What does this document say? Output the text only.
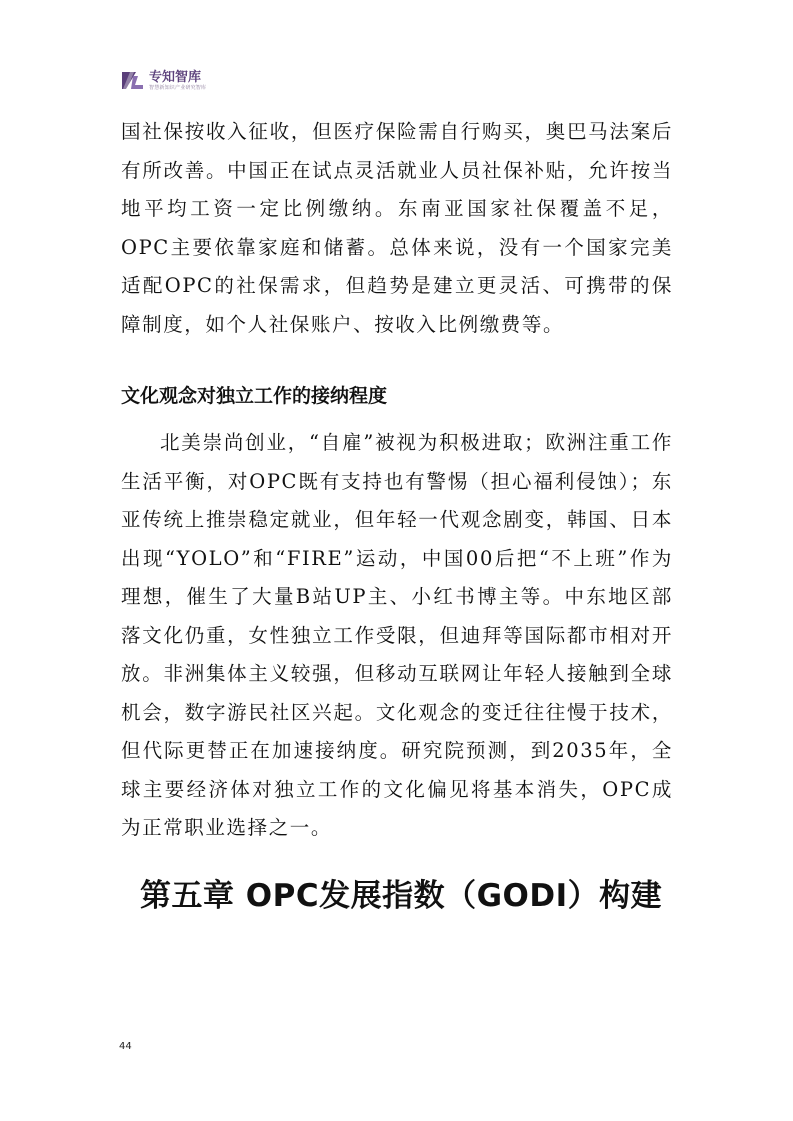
专知智库
智慧新知识产业研究智库

国社保按收入征收，但医疗保险需自行购买，奥巴马法案后有所改善。中国正在试点灵活就业人员社保补贴，允许按当地平均工资一定比例缴纳。东南亚国家社保覆盖不足，OPC主要依靠家庭和储蓄。总体来说，没有一个国家完美适配OPC的社保需求，但趋势是建立更灵活、可携带的保障制度，如个人社保账户、按收入比例缴费等。

文化观念对独立工作的接纳程度

北美崇尚创业，“自雇”被视为积极进取；欧洲注重工作生活平衡，对OPC既有支持也有警惕（担心福利侵蚀）；东亚传统上推崇稳定就业，但年轻一代观念剧变，韩国、日本出现“YOLO”和“FIRE”运动，中国00后把“不上班”作为理想，催生了大量B站UP主、小红书博主等。中东地区部落文化仍重，女性独立工作受限，但迪拜等国际都市相对开放。非洲集体主义较强，但移动互联网让年轻人接触到全球机会，数字游民社区兴起。文化观念的变迁往往慢于技术，但代际更替正在加速接纳度。研究院预测，到2035年，全球主要经济体对独立工作的文化偏见将基本消失，OPC成为正常职业选择之一。

第五章 OPC发展指数（GODI）构建
44
